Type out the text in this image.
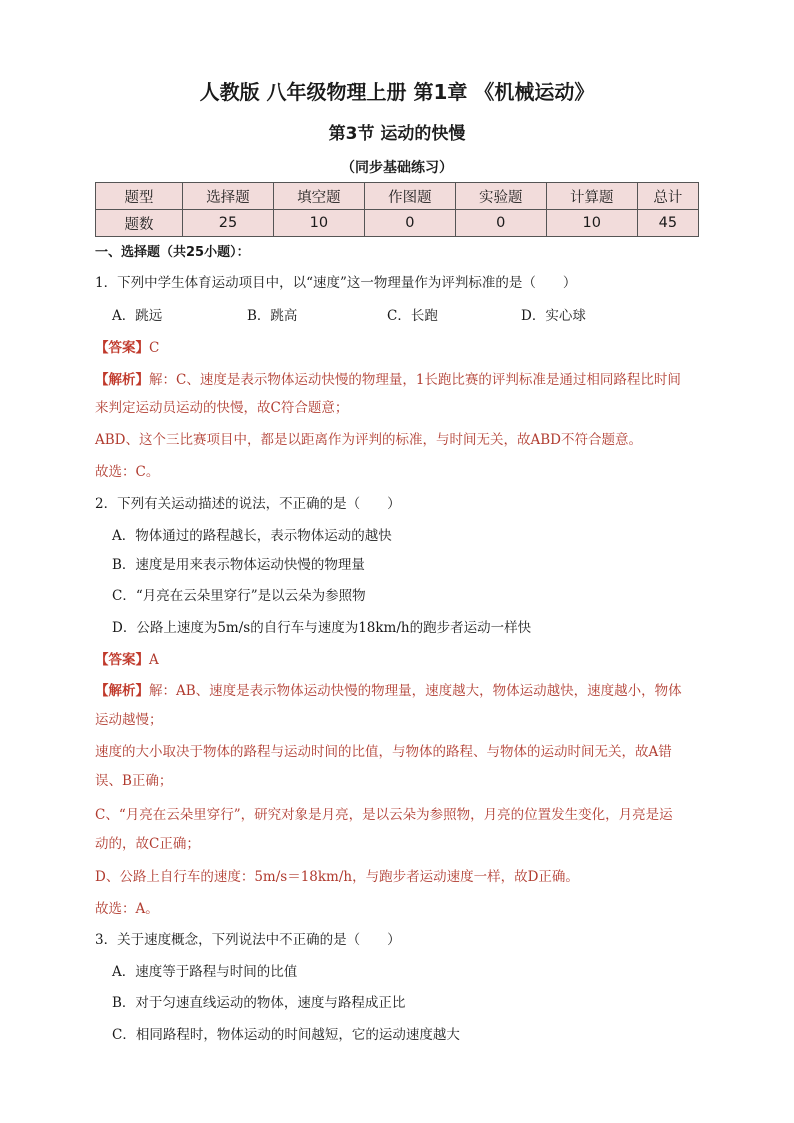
人教版 八年级物理上册 第1章 《机械运动》
第3节 运动的快慢
（同步基础练习）
题型	选择题	填空题	作图题	实验题	计算题	总计
题数	25	10	0	0	10	45
一、选择题（共25小题）：
1．下列中学生体育运动项目中，以“速度”这一物理量作为评判标准的是（　　）
A．跳远	B．跳高	C．长跑	D．实心球
【答案】C
【解析】解：C、速度是表示物体运动快慢的物理量，1长跑比赛的评判标准是通过相同路程比时间
来判定运动员运动的快慢，故C符合题意；
ABD、这个三比赛项目中，都是以距离作为评判的标准，与时间无关，故ABD不符合题意。
故选：C。
2．下列有关运动描述的说法，不正确的是（　　）
A．物体通过的路程越长，表示物体运动的越快
B．速度是用来表示物体运动快慢的物理量
C．“月亮在云朵里穿行”是以云朵为参照物
D．公路上速度为5m/s的自行车与速度为18km/h的跑步者运动一样快
【答案】A
【解析】解：AB、速度是表示物体运动快慢的物理量，速度越大，物体运动越快，速度越小，物体
运动越慢；
速度的大小取决于物体的路程与运动时间的比值，与物体的路程、与物体的运动时间无关，故A错
误、B正确；
C、“月亮在云朵里穿行”，研究对象是月亮，是以云朵为参照物，月亮的位置发生变化，月亮是运
动的，故C正确；
D、公路上自行车的速度：5m/s＝18km/h，与跑步者运动速度一样，故D正确。
故选：A。
3．关于速度概念，下列说法中不正确的是（　　）
A．速度等于路程与时间的比值
B．对于匀速直线运动的物体，速度与路程成正比
C．相同路程时，物体运动的时间越短，它的运动速度越大
